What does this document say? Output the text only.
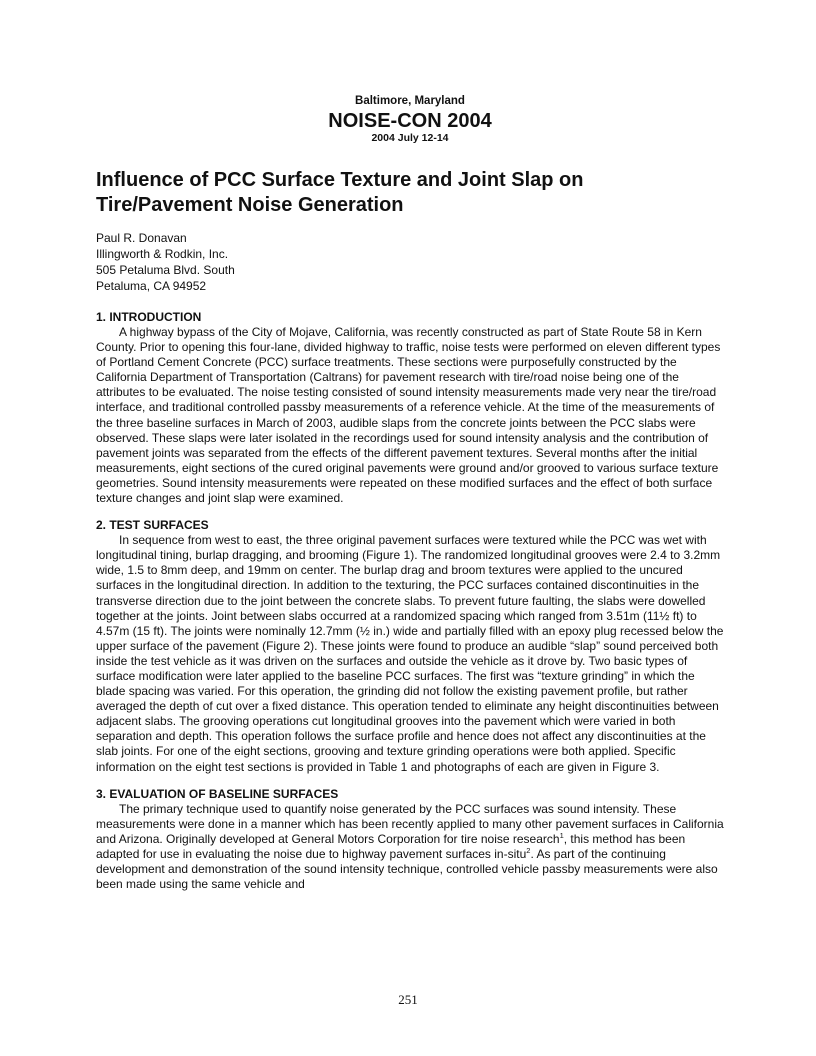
Baltimore, Maryland
NOISE-CON 2004
2004 July 12-14
Influence of PCC Surface Texture and Joint Slap on Tire/Pavement Noise Generation
Paul R. Donavan
Illingworth & Rodkin, Inc.
505 Petaluma Blvd. South
Petaluma, CA 94952
1. INTRODUCTION

A highway bypass of the City of Mojave, California, was recently constructed as part of State Route 58 in Kern County. Prior to opening this four-lane, divided highway to traffic, noise tests were performed on eleven different types of Portland Cement Concrete (PCC) surface treatments. These sections were purposefully constructed by the California Department of Transportation (Caltrans) for pavement research with tire/road noise being one of the attributes to be evaluated. The noise testing consisted of sound intensity measurements made very near the tire/road interface, and traditional controlled passby measurements of a reference vehicle. At the time of the measurements of the three baseline surfaces in March of 2003, audible slaps from the concrete joints between the PCC slabs were observed. These slaps were later isolated in the recordings used for sound intensity analysis and the contribution of pavement joints was separated from the effects of the different pavement textures. Several months after the initial measurements, eight sections of the cured original pavements were ground and/or grooved to various surface texture geometries. Sound intensity measurements were repeated on these modified surfaces and the effect of both surface texture changes and joint slap were examined.

2. TEST SURFACES

In sequence from west to east, the three original pavement surfaces were textured while the PCC was wet with longitudinal tining, burlap dragging, and brooming (Figure 1). The randomized longitudinal grooves were 2.4 to 3.2mm wide, 1.5 to 8mm deep, and 19mm on center. The burlap drag and broom textures were applied to the uncured surfaces in the longitudinal direction. In addition to the texturing, the PCC surfaces contained discontinuities in the transverse direction due to the joint between the concrete slabs. To prevent future faulting, the slabs were dowelled together at the joints. Joint between slabs occurred at a randomized spacing which ranged from 3.51m (11½ ft) to 4.57m (15 ft). The joints were nominally 12.7mm (½ in.) wide and partially filled with an epoxy plug recessed below the upper surface of the pavement (Figure 2). These joints were found to produce an audible “slap” sound perceived both inside the test vehicle as it was driven on the surfaces and outside the vehicle as it drove by. Two basic types of surface modification were later applied to the baseline PCC surfaces. The first was “texture grinding” in which the blade spacing was varied. For this operation, the grinding did not follow the existing pavement profile, but rather averaged the depth of cut over a fixed distance. This operation tended to eliminate any height discontinuities between adjacent slabs. The grooving operations cut longitudinal grooves into the pavement which were varied in both separation and depth. This operation follows the surface profile and hence does not affect any discontinuities at the slab joints. For one of the eight sections, grooving and texture grinding operations were both applied. Specific information on the eight test sections is provided in Table 1 and photographs of each are given in Figure 3.

3. EVALUATION OF BASELINE SURFACES

The primary technique used to quantify noise generated by the PCC surfaces was sound intensity. These measurements were done in a manner which has been recently applied to many other pavement surfaces in California and Arizona. Originally developed at General Motors Corporation for tire noise research$^1$, this method has been adapted for use in evaluating the noise due to highway pavement surfaces in-situ$^2$. As part of the continuing development and demonstration of the sound intensity technique, controlled vehicle passby measurements were also been made using the same vehicle and

251
